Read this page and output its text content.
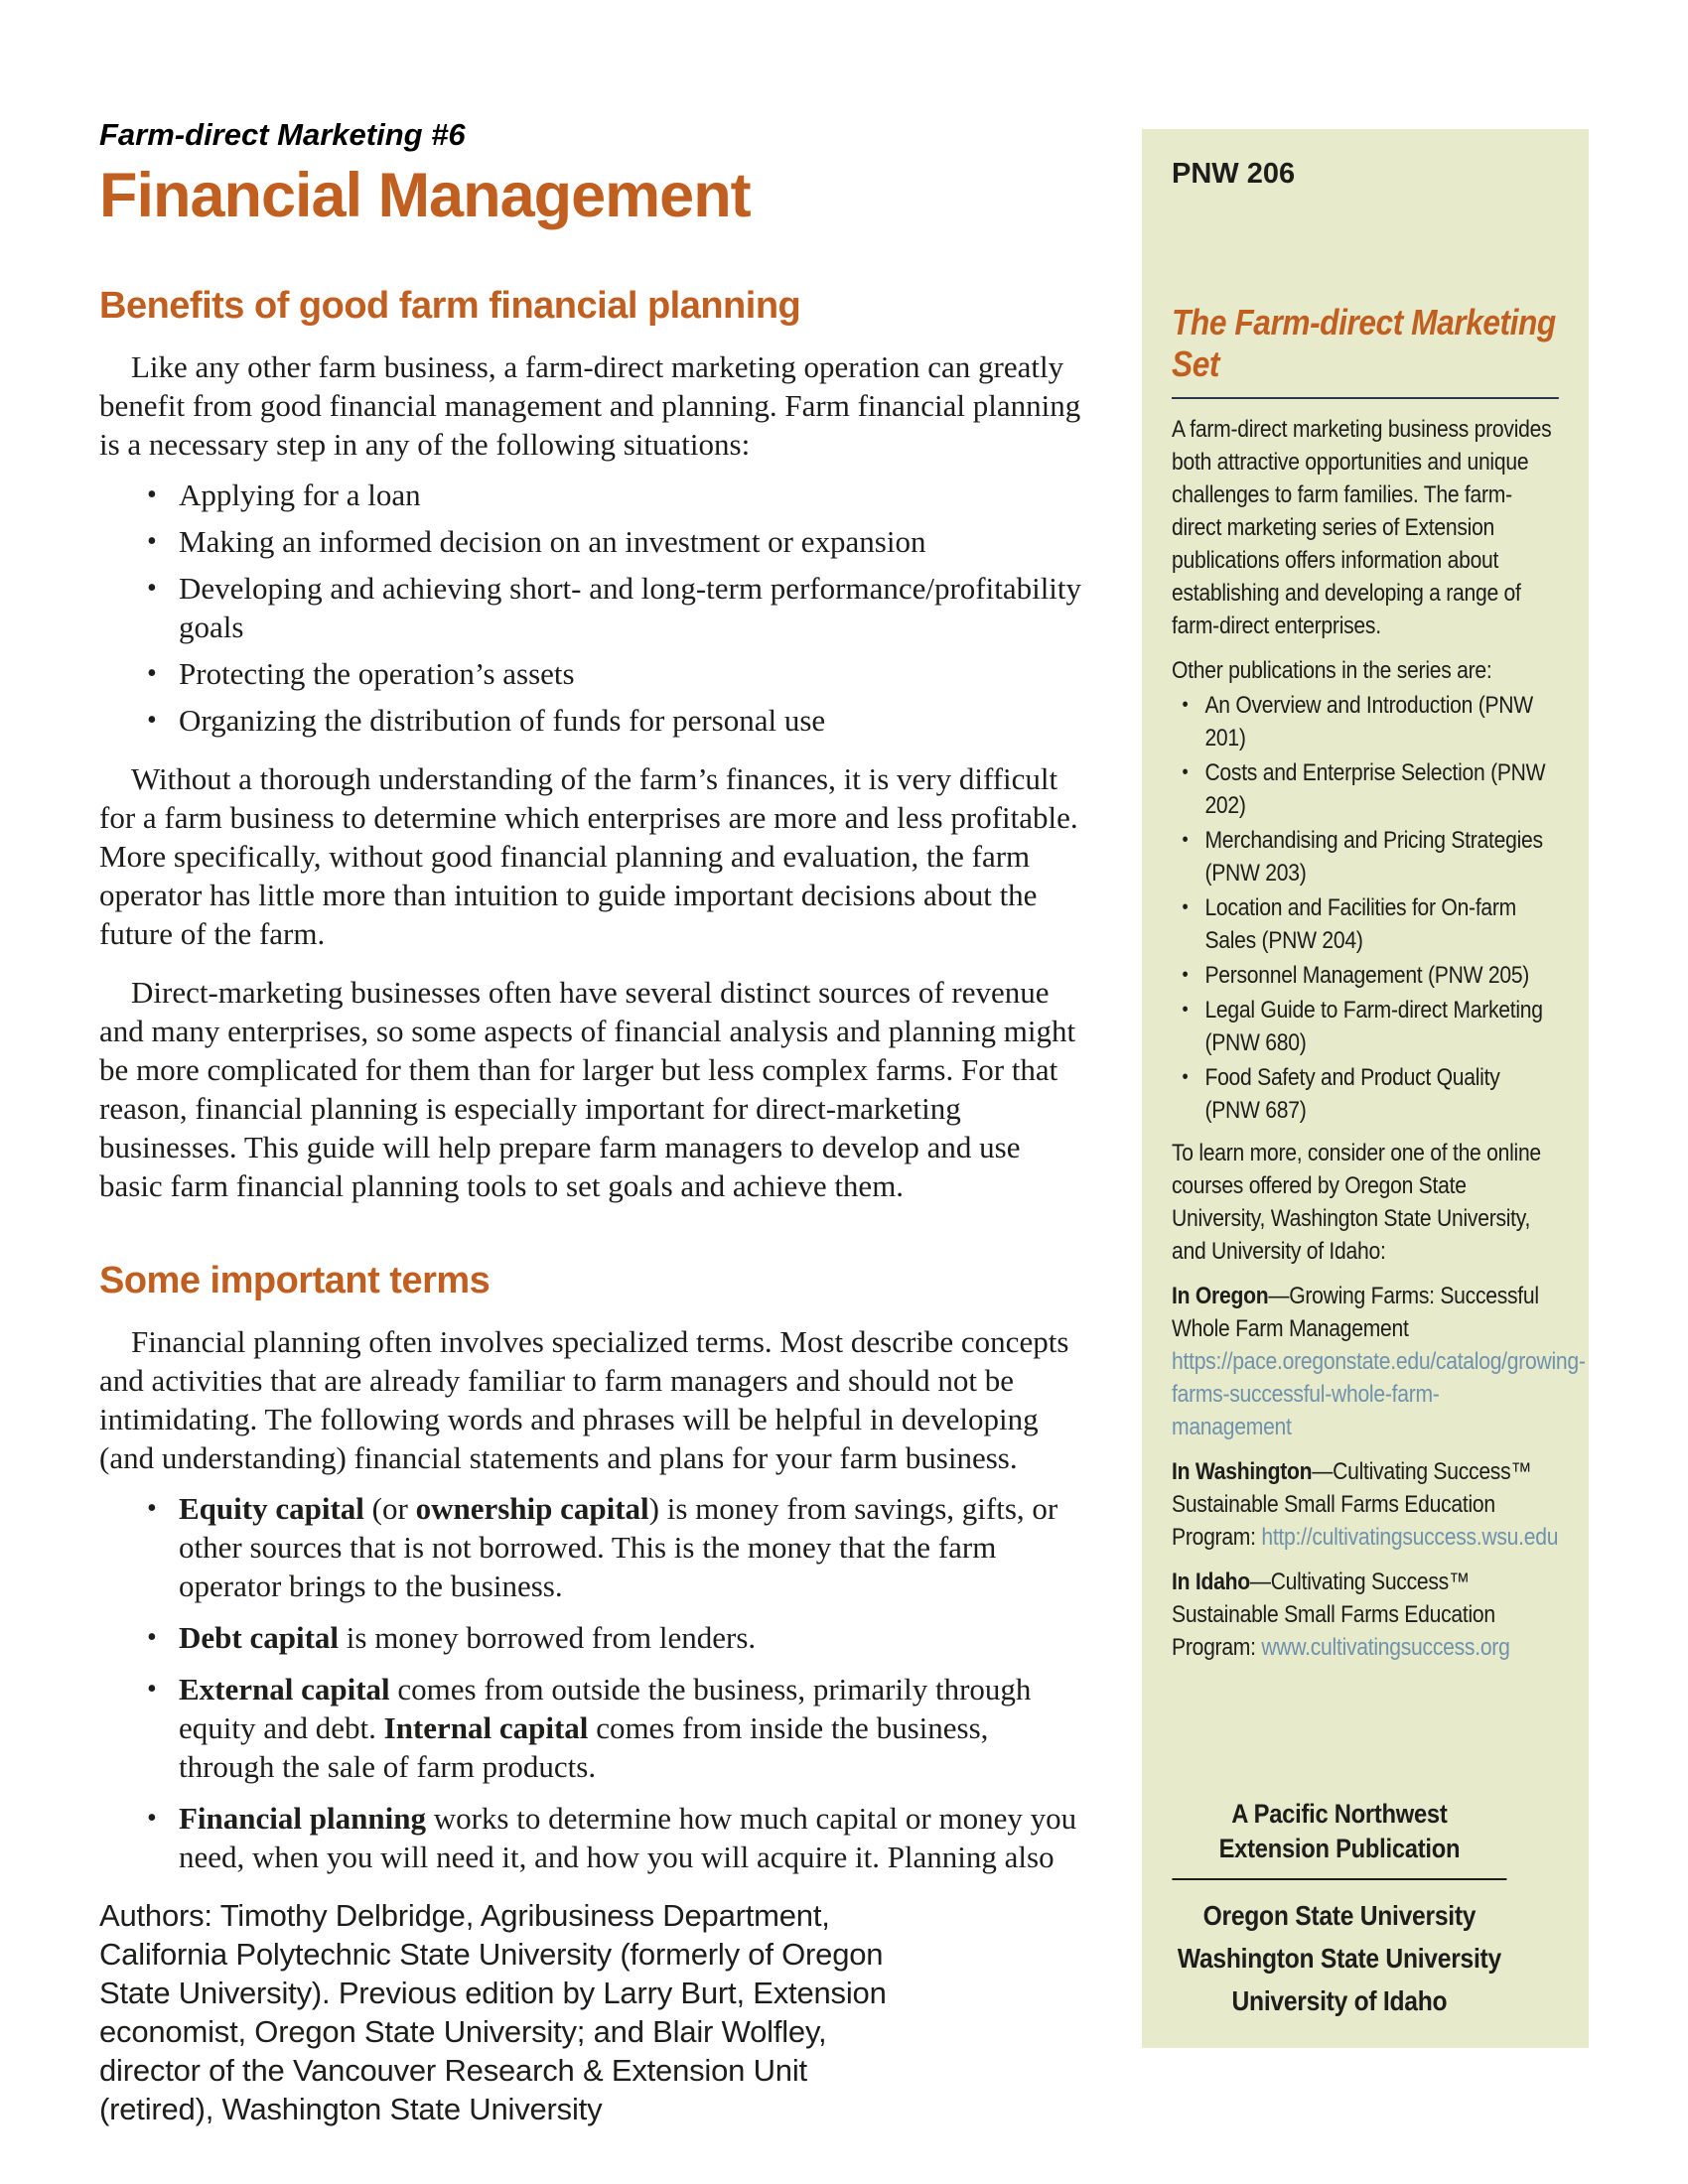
Farm-direct Marketing #6
Financial Management
Benefits of good farm financial planning

Like any other farm business, a farm-direct marketing operation can greatly benefit from good financial management and planning. Farm financial planning is a necessary step in any of the following situations:

• Applying for a loan
• Making an informed decision on an investment or expansion
• Developing and achieving short- and long-term performance/profitability goals
• Protecting the operation’s assets
• Organizing the distribution of funds for personal use

Without a thorough understanding of the farm’s finances, it is very difficult for a farm business to determine which enterprises are more and less profitable. More specifically, without good financial planning and evaluation, the farm operator has little more than intuition to guide important decisions about the future of the farm.

Direct-marketing businesses often have several distinct sources of revenue and many enterprises, so some aspects of financial analysis and planning might be more complicated for them than for larger but less complex farms. For that reason, financial planning is especially important for direct-marketing businesses. This guide will help prepare farm managers to develop and use basic farm financial planning tools to set goals and achieve them.

Some important terms

Financial planning often involves specialized terms. Most describe concepts and activities that are already familiar to farm managers and should not be intimidating. The following words and phrases will be helpful in developing (and understanding) financial statements and plans for your farm business.

• Equity capital (or ownership capital) is money from savings, gifts, or other sources that is not borrowed. This is the money that the farm operator brings to the business.
• Debt capital is money borrowed from lenders.
• External capital comes from outside the business, primarily through equity and debt. Internal capital comes from inside the business, through the sale of farm products.
• Financial planning works to determine how much capital or money you need, when you will need it, and how you will acquire it. Planning also

Authors: Timothy Delbridge, Agribusiness Department, California Polytechnic State University (formerly of Oregon State University). Previous edition by Larry Burt, Extension economist, Oregon State University; and Blair Wolfley, director of the Vancouver Research & Extension Unit (retired), Washington State University

PNW 206
The Farm-direct Marketing Set

A farm-direct marketing business provides both attractive opportunities and unique challenges to farm families. The farm-direct marketing series of Extension publications offers information about establishing and developing a range of farm-direct enterprises.

Other publications in the series are:

• An Overview and Introduction (PNW 201)
• Costs and Enterprise Selection (PNW 202)
• Merchandising and Pricing Strategies (PNW 203)
• Location and Facilities for On-farm Sales (PNW 204)
• Personnel Management (PNW 205)
• Legal Guide to Farm-direct Marketing (PNW 680)
• Food Safety and Product Quality (PNW 687)

To learn more, consider one of the online courses offered by Oregon State University, Washington State University, and University of Idaho:

In Oregon—Growing Farms: Successful Whole Farm Management https://pace.oregonstate.edu/catalog/growing-farms-successful-whole-farm-management

In Washington—Cultivating Success™ Sustainable Small Farms Education Program: http://cultivatingsuccess.wsu.edu

In Idaho—Cultivating Success™ Sustainable Small Farms Education Program: www.cultivatingsuccess.org

A Pacific Northwest
Extension Publication
Oregon State University
Washington State University
University of Idaho
